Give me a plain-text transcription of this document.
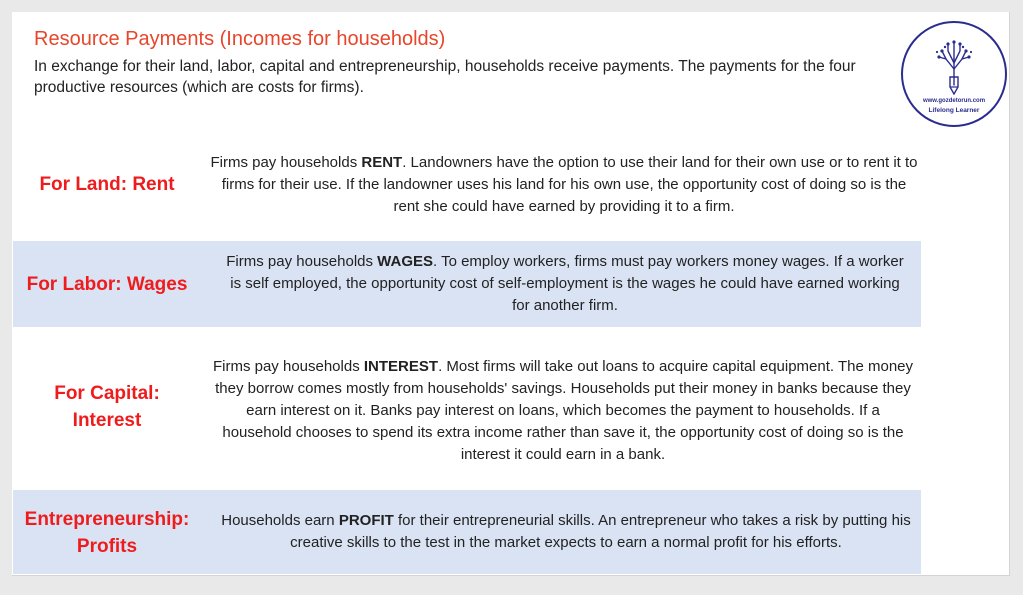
Resource Payments (Incomes for households)
In exchange for their land, labor, capital and entrepreneurship, households receive payments. The payments for the four productive resources (which are costs for firms).
www.gozdetorun.com
Lifelong Learner
For Land: Rent
Firms pay households RENT. Landowners have the option to use their land for their own use or to rent it to firms for their use. If the landowner uses his land for his own use, the opportunity cost of doing so is the rent she could have earned by providing it to a firm.
For Labor: Wages
Firms pay households WAGES. To employ workers, firms must pay workers money wages. If a worker is self employed, the opportunity cost of self-employment is the wages he could have earned working for another firm.
For Capital: Interest
Firms pay households INTEREST. Most firms will take out loans to acquire capital equipment. The money they borrow comes mostly from households' savings. Households put their money in banks because they earn interest on it. Banks pay interest on loans, which becomes the payment to households. If a household chooses to spend its extra income rather than save it, the opportunity cost of doing so is the interest it could earn in a bank.
Entrepreneurship: Profits
Households earn PROFIT for their entrepreneurial skills. An entrepreneur who takes a risk by putting his creative skills to the test in the market expects to earn a normal profit for his efforts.
